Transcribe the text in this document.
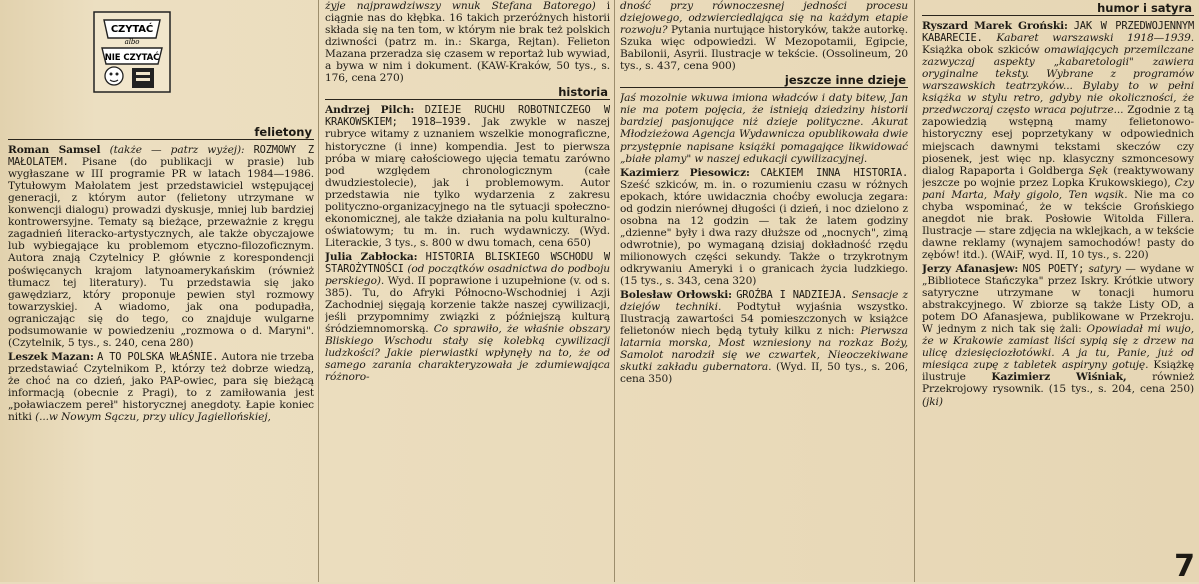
CZYTAĆ
albo
NIE CZYTAĆ
felietony

Roman Samsel (także — patrz wyżej): ROZMOWY Z MAŁOLATEM. Pisane (do publikacji w prasie) lub wygłaszane w III programie PR w latach 1984—1986. Tytułowym Małolatem jest przedstawiciel wstępującej generacji, z którym autor (felietony utrzymane w konwencji dialogu) prowadzi dyskusje, mniej lub bardziej kontrowersyjne. Tematy są bieżące, przeważnie z kręgu zagadnień literacko-artystycznych, ale także obyczajowe lub wybiegające ku problemom etyczno-filozoficznym. Autora znają Czytelnicy P. głównie z korespondencji poświęcanych krajom latynoamerykańskim (również tłumacz tej literatury). Tu przedstawia się jako gawędziarz, który proponuje pewien styl rozmowy towarzyskiej. A wiadomo, jak ona podupadła, ograniczając się do tego, co znajduje wulgarne podsumowanie w powiedzeniu „rozmowa o d. Maryni". (Czytelnik, 5 tys., s. 240, cena 280)

Leszek Mazan: A TO POLSKA WŁAŚNIE. Autora nie trzeba przedstawiać Czytelnikom P., którzy też dobrze wiedzą, że choć na co dzień, jako PAP-owiec, para się bieżącą informacją (obecnie z Pragi), to z zamiłowania jest „poławiaczem pereł" historycznej anegdoty. Łapie koniec nitki (...w Nowym Sączu, przy ulicy Jagiellońskiej,

żyje najprawdziwszy wnuk Stefana Batorego) i ciągnie nas do kłębka. 16 takich przeróżnych historii składa się na ten tom, w którym nie brak też polskich dziwności (patrz m. in.: Skarga, Rejtan). Felieton Mazana przeradza się czasem w reportaż lub wywiad, a bywa w nim i dokument. (KAW-Kraków, 50 tys., s. 176, cena 270)

historia

Andrzej Pilch: DZIEJE RUCHU ROBOTNICZEGO W KRAKOWSKIEM; 1918—1939. Jak zwykle w naszej rubryce witamy z uznaniem wszelkie monograficzne, historyczne (i inne) kompendia. Jest to pierwsza próba w miarę całościowego ujęcia tematu zarówno pod względem chronologicznym (całe dwudziestolecie), jak i problemowym. Autor przedstawia nie tylko wydarzenia z zakresu polityczno-organizacyjnego na tle sytuacji społeczno-ekonomicznej, ale także działania na polu kulturalno-oświatowym; tu m. in. ruch wydawniczy. (Wyd. Literackie, 3 tys., s. 800 w dwu tomach, cena 650)

Julia Zabłocka: HISTORIA BLISKIEGO WSCHODU W STAROŻYTNOŚCI (od początków osadnictwa do podboju perskiego). Wyd. II poprawione i uzupełnione (v. od s. 385). Tu, do Afryki Północno-Wschodniej i Azji Zachodniej sięgają korzenie także naszej cywilizacji, jeśli przypomnimy związki z późniejszą kulturą śródziemnomorską. Co sprawiło, że właśnie obszary Bliskiego Wschodu stały się kolebką cywilizacji ludzkości? Jakie pierwiastki wpłynęły na to, że od samego zarania charakteryzowała je zdumiewająca różnoro-

dność przy równoczesnej jedności procesu dziejowego, odzwierciedlająca się na każdym etapie rozwoju? Pytania nurtujące historyków, także autorkę. Szuka więc odpowiedzi. W Mezopotamii, Egipcie, Babilonii, Asyrii. Ilustracje w tekście. (Ossolineum, 20 tys., s. 437, cena 900)

jeszcze inne dzieje

Jaś mozolnie wkuwa imiona władców i daty bitew, Jan nie ma potem pojęcia, że istnieją dziedziny historii bardziej pasjonujące niż dzieje polityczne. Akurat Młodzieżowa Agencja Wydawnicza opublikowała dwie przystępnie napisane książki pomagające likwidować „białe plamy" w naszej edukacji cywilizacyjnej.

Kazimierz Piesowicz: CAŁKIEM INNA HISTORIA. Sześć szkiców, m. in. o rozumieniu czasu w różnych epokach, które uwidacznia choćby ewolucja zegara: od godzin nierównej długości (i dzień, i noc dzielono z osobna na 12 godzin — tak że latem godziny „dzienne" były i dwa razy dłuższe od „nocnych", zimą odwrotnie), po wymaganą dzisiaj dokładność rzędu milionowych części sekundy. Także o trzykrotnym odkrywaniu Ameryki i o granicach życia ludzkiego. (15 tys., s. 343, cena 320)

Bolesław Orłowski: GROŹBA I NADZIEJA. Sensacje z dziejów techniki. Podtytuł wyjaśnia wszystko. Ilustracją zawartości 54 pomieszczonych w książce felietonów niech będą tytuły kilku z nich: Pierwsza latarnia morska, Most wzniesiony na rozkaz Boży, Samolot narodził się we czwartek, Nieoczekiwane skutki zakładu gubernatora. (Wyd. II, 50 tys., s. 206, cena 350)

humor i satyra

Ryszard Marek Groński: JAK W PRZEDWOJENNYM KABARECIE. Kabaret warszawski 1918—1939. Książka obok szkiców omawiających przemilczane zazwyczaj aspekty „kabaretologii" zawiera oryginalne teksty. Wybrane z programów warszawskich teatrzyków... Bylaby to w pełni książka w stylu retro, gdyby nie okoliczności, że przedwczoraj często wraca pojutrze... Zgodnie z tą zapowiedzią wstępną mamy felietonowo-historyczny esej poprzetykany w odpowiednich miejscach dawnymi tekstami skeczów czy piosenek, jest więc np. klasyczny szmoncesowy dialog Rapaporta i Goldberga Sęk (reaktywowany jeszcze po wojnie przez Lopka Krukowskiego), Czy pani Marta, Mały gigolo, Ten wąsik. Nie ma co chyba wspominać, że w tekście Grońskiego anegdot nie brak. Posłowie Witolda Fillera. Ilustracje — stare zdjęcia na wklejkach, a w tekście dawne reklamy (wynajem samochodów! pasty do zębów! itd.). (WAiF, wyd. II, 10 tys., s. 220)

Jerzy Afanasjew: NOS POETY; satyry — wydane w „Bibliotece Stańczyka" przez Iskry. Krótkie utwory satyryczne utrzymane w tonacji humoru abstrakcyjnego. W zbiorze są także Listy OD, a potem DO Afanasjewa, publikowane w Przekroju. W jednym z nich tak się żali: Opowiadał mi wujo, że w Krakowie zamiast liści sypią się z drzew na ulicę dziesięciozłotówki. A ja tu, Panie, już od miesiąca zupę z tabletek aspiryny gotuję. Książkę ilustruje Kazimierz Wiśniak, również Przekrojowy rysownik. (15 tys., s. 204, cena 250) (jki)

7
